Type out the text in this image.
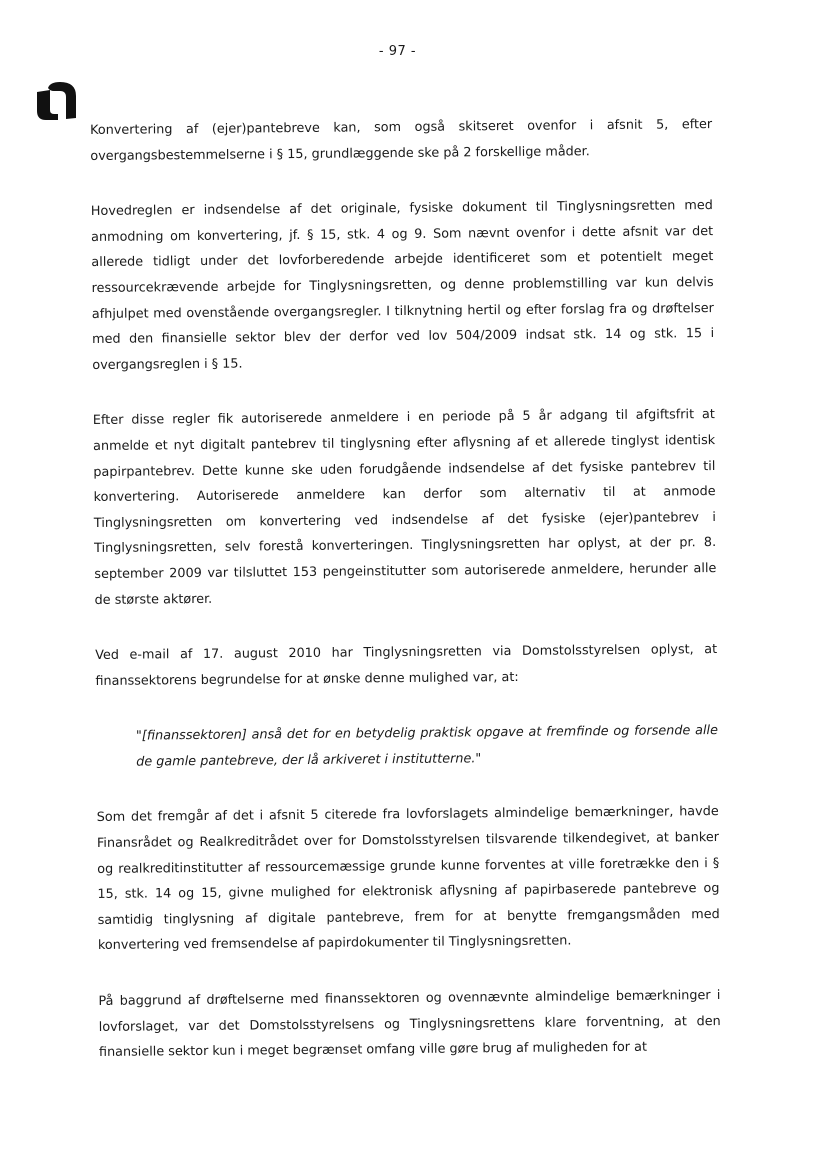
- 97 -

Konvertering af (ejer)pantebreve kan, som også skitseret ovenfor i afsnit 5, efter overgangsbestemmelserne i § 15, grundlæggende ske på 2 forskellige måder.

Hovedreglen er indsendelse af det originale, fysiske dokument til Tinglysningsretten med anmodning om konvertering, jf. § 15, stk. 4 og 9. Som nævnt ovenfor i dette afsnit var det allerede tidligt under det lovforberedende arbejde identificeret som et potentielt meget ressourcekrævende arbejde for Tinglysningsretten, og denne problemstilling var kun delvis afhjulpet med ovenstående overgangsregler. I tilknytning hertil og efter forslag fra og drøftelser med den finansielle sektor blev der derfor ved lov 504/2009 indsat stk. 14 og stk. 15 i overgangsreglen i § 15.

Efter disse regler fik autoriserede anmeldere i en periode på 5 år adgang til afgiftsfrit at anmelde et nyt digitalt pantebrev til tinglysning efter aflysning af et allerede tinglyst identisk papirpantebrev. Dette kunne ske uden forudgående indsendelse af det fysiske pantebrev til konvertering. Autoriserede anmeldere kan derfor som alternativ til at anmode Tinglysningsretten om konvertering ved indsendelse af det fysiske (ejer)pantebrev i Tinglysningsretten, selv forestå konverteringen. Tinglysningsretten har oplyst, at der pr. 8. september 2009 var tilsluttet 153 pengeinstitutter som autoriserede anmeldere, herunder alle de største aktører.

Ved e-mail af 17. august 2010 har Tinglysningsretten via Domstolsstyrelsen oplyst, at finanssektorens begrundelse for at ønske denne mulighed var, at:

"[finanssektoren] anså det for en betydelig praktisk opgave at fremfinde og forsende alle de gamle pantebreve, der lå arkiveret i institutterne."

Som det fremgår af det i afsnit 5 citerede fra lovforslagets almindelige bemærkninger, havde Finansrådet og Realkreditrådet over for Domstolsstyrelsen tilsvarende tilkendegivet, at banker og realkreditinstitutter af ressourcemæssige grunde kunne forventes at ville foretrække den i § 15, stk. 14 og 15, givne mulighed for elektronisk aflysning af papirbaserede pantebreve og samtidig tinglysning af digitale pantebreve, frem for at benytte fremgangsmåden med konvertering ved fremsendelse af papirdokumenter til Tinglysningsretten.

På baggrund af drøftelserne med finanssektoren og ovennævnte almindelige bemærkninger i lovforslaget, var det Domstolsstyrelsens og Tinglysningsrettens klare forventning, at den finansielle sektor kun i meget begrænset omfang ville gøre brug af muligheden for at
